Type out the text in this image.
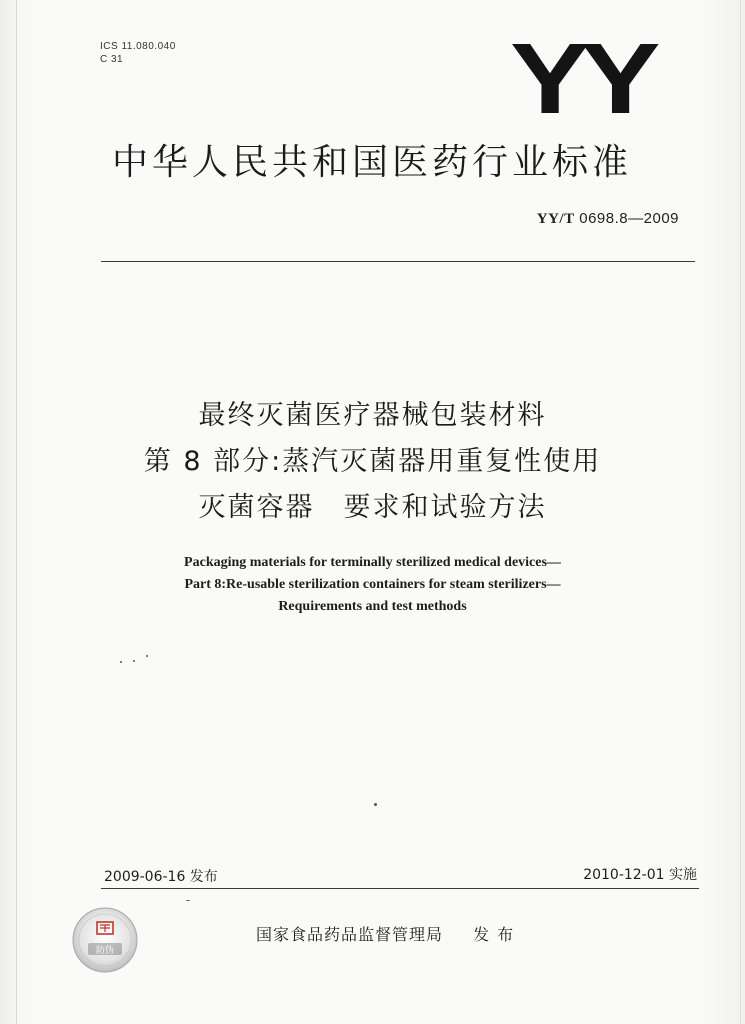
ICS 11.080.040
C 31	YY
中华人民共和国医药行业标准
YY/T 0698.8—2009
最终灭菌医疗器械包装材料
第 8 部分:蒸汽灭菌器用重复性使用
灭菌容器　要求和试验方法
Packaging materials for terminally sterilized medical devices—
Part 8:Re-usable sterilization containers for steam sterilizers—
Requirements and test methods
2009-06-16 发布	2010-12-01 实施
防伪
国家食品药品监督管理局 发布
